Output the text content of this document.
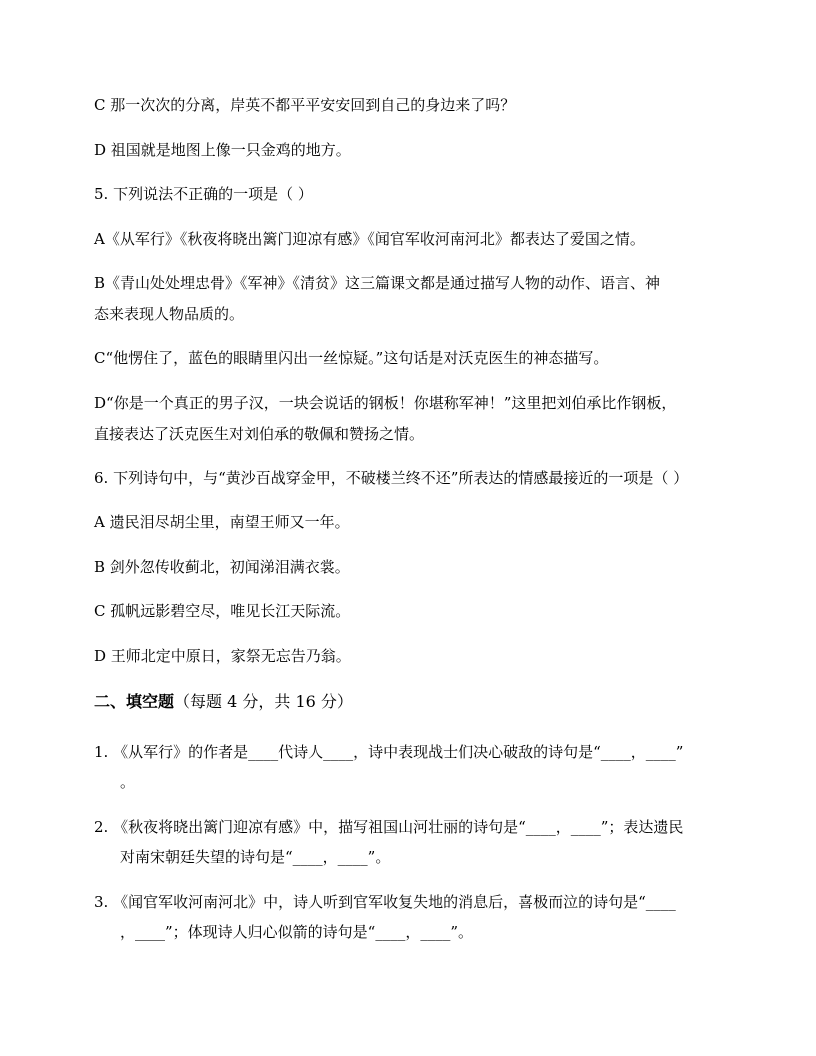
C 那一次次的分离，岸英不都平平安安回到自己的身边来了吗？
D 祖国就是地图上像一只金鸡的地方。
5. 下列说法不正确的一项是（ ）
A《从军行》《秋夜将晓出篱门迎凉有感》《闻官军收河南河北》都表达了爱国之情。
B《青山处处埋忠骨》《军神》《清贫》这三篇课文都是通过描写人物的动作、语言、神
态来表现人物品质的。
C“他愣住了，蓝色的眼睛里闪出一丝惊疑。”这句话是对沃克医生的神态描写。
D“你是一个真正的男子汉，一块会说话的钢板！你堪称军神！”这里把刘伯承比作钢板，
直接表达了沃克医生对刘伯承的敬佩和赞扬之情。
6. 下列诗句中，与“黄沙百战穿金甲，不破楼兰终不还”所表达的情感最接近的一项是（ ）
A 遗民泪尽胡尘里，南望王师又一年。
B 剑外忽传收蓟北，初闻涕泪满衣裳。
C 孤帆远影碧空尽，唯见长江天际流。
D 王师北定中原日，家祭无忘告乃翁。
二、填空题（每题 4 分，共 16 分）
1. 《从军行》的作者是____代诗人____，诗中表现战士们决心破敌的诗句是“____，____”
。
2. 《秋夜将晓出篱门迎凉有感》中，描写祖国山河壮丽的诗句是“____，____”；表达遗民
对南宋朝廷失望的诗句是“____，____”。
3. 《闻官军收河南河北》中，诗人听到官军收复失地的消息后，喜极而泣的诗句是“____
，____”；体现诗人归心似箭的诗句是“____，____”。
